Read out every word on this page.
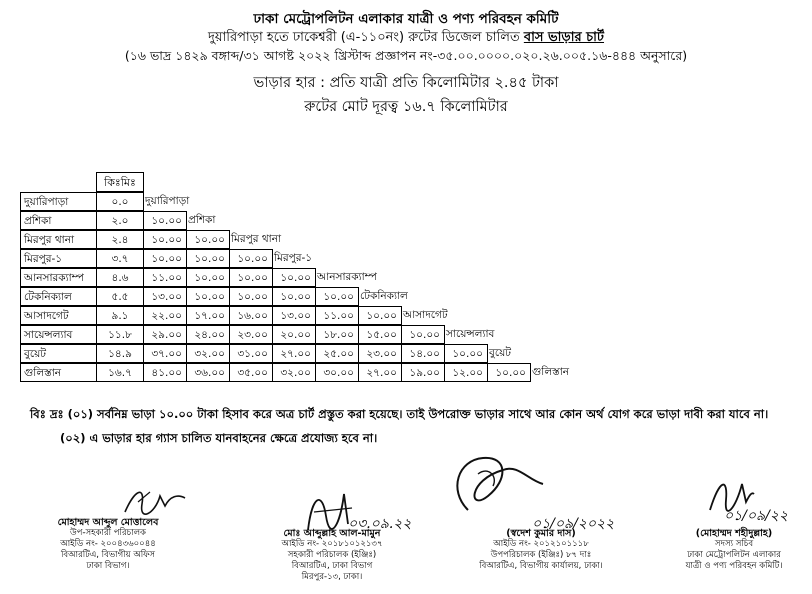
ঢাকা মেট্রোপলিটন এলাকার যাত্রী ও পণ্য পরিবহন কমিটি
দুয়ারিপাড়া হতে ঢাকেশ্বরী (এ-১১০নং) রুটের ডিজেল চালিত বাস ভাড়ার চার্ট
(১৬ ভাদ্র ১৪২৯ বঙ্গাব্দ/৩১ আগষ্ট ২০২২ খ্রিস্টাব্দ প্রজ্ঞাপন নং-৩৫.০০.০০০০.০২০.২৬.০০৫.১৬-৪৪৪ অনুসারে)
ভাড়ার হার : প্রতি যাত্রী প্রতি কিলোমিটার ২.৪৫ টাকা
রুটের মোট দূরত্ব ১৬.৭ কিলোমিটার
কিঃমিঃ
দুয়ারিপাড়া	০.০	দুয়ারিপাড়া
প্রশিকা	২.০	১০.০০ প্রশিকা
মিরপুর থানা	২.৪	১০.০০	১০.০০ মিরপুর থানা
মিরপুর-১	৩.৭	১০.০০	১০.০০	১০.০০ মিরপুর-১
আনসারক্যাম্প	৪.৬	১১.০০	১০.০০	১০.০০	১০.০০ আনসারক্যাম্প
টেকনিক্যাল	৫.৫	১৩.০০	১০.০০	১০.০০	১০.০০	১০.০০ টেকনিক্যাল
আসাদগেট	৯.১	২২.০০	১৭.০০	১৬.০০	১৩.০০	১১.০০	১০.০০ আসাদগেট
সায়েন্সল্যাব	১১.৮	২৯.০০	২৪.০০	২৩.০০	২০.০০	১৮.০০	১৫.০০	১০.০০ সায়েন্সল্যাব
বুয়েট	১৪.৯	৩৭.০০	৩২.০০	৩১.০০	২৭.০০	২৫.০০	২৩.০০	১৪.০০	১০.০০ বুয়েট
গুলিস্তান	১৬.৭	৪১.০০	৩৬.০০	৩৫.০০	৩২.০০	৩০.০০	২৭.০০	১৯.০০	১২.০০	১০.০০ গুলিস্তান
বিঃ দ্রঃ (০১) সর্বনিম্ন ভাড়া ১০.০০ টাকা হিসাব করে অত্র চার্ট প্রস্তুত করা হয়েছে। তাই উপরোক্ত ভাড়ার সাথে আর কোন অর্থ যোগ করে ভাড়া দাবী করা যাবে না।
(০২) এ ভাড়ার হার গ্যাস চালিত যানবাহনের ক্ষেত্রে প্রযোজ্য হবে না।
মোহাম্মদ আব্দুল মোত্তালেব
উপ-সহকারী পরিচালক
আইডি নং- ২০০৪৩৬০০৪৪
বিআরটিএ, বিভাগীয় অফিস
ঢাকা বিভাগ।
০৩.০৯.২২
মোঃ আব্দুল্লাহ আল-মামুন
আইডি নং- ২০১৮১০১২১৩৭
সহকারী পরিচালক (ইঞ্জিঃ)
বিআরটিএ, ঢাকা বিভাগ
মিরপুর-১৩, ঢাকা।
০১/০৯/২০২২
(স্বদেশ কুমার দাস)
আইডি নং- ২০১২১০১১১৮
উপপরিচালক (ইঞ্জিঃ) ৮৭ দাঃ
বিআরটিএ, বিভাগীয় কার্যালয়, ঢাকা।
০১/০৯/২২
(মোহাম্মদ শহীদুল্লাহ)
সদস্য সচিব
ঢাকা মেট্রোপলিটন এলাকার
যাত্রী ও পণ্য পরিবহন কমিটি।
